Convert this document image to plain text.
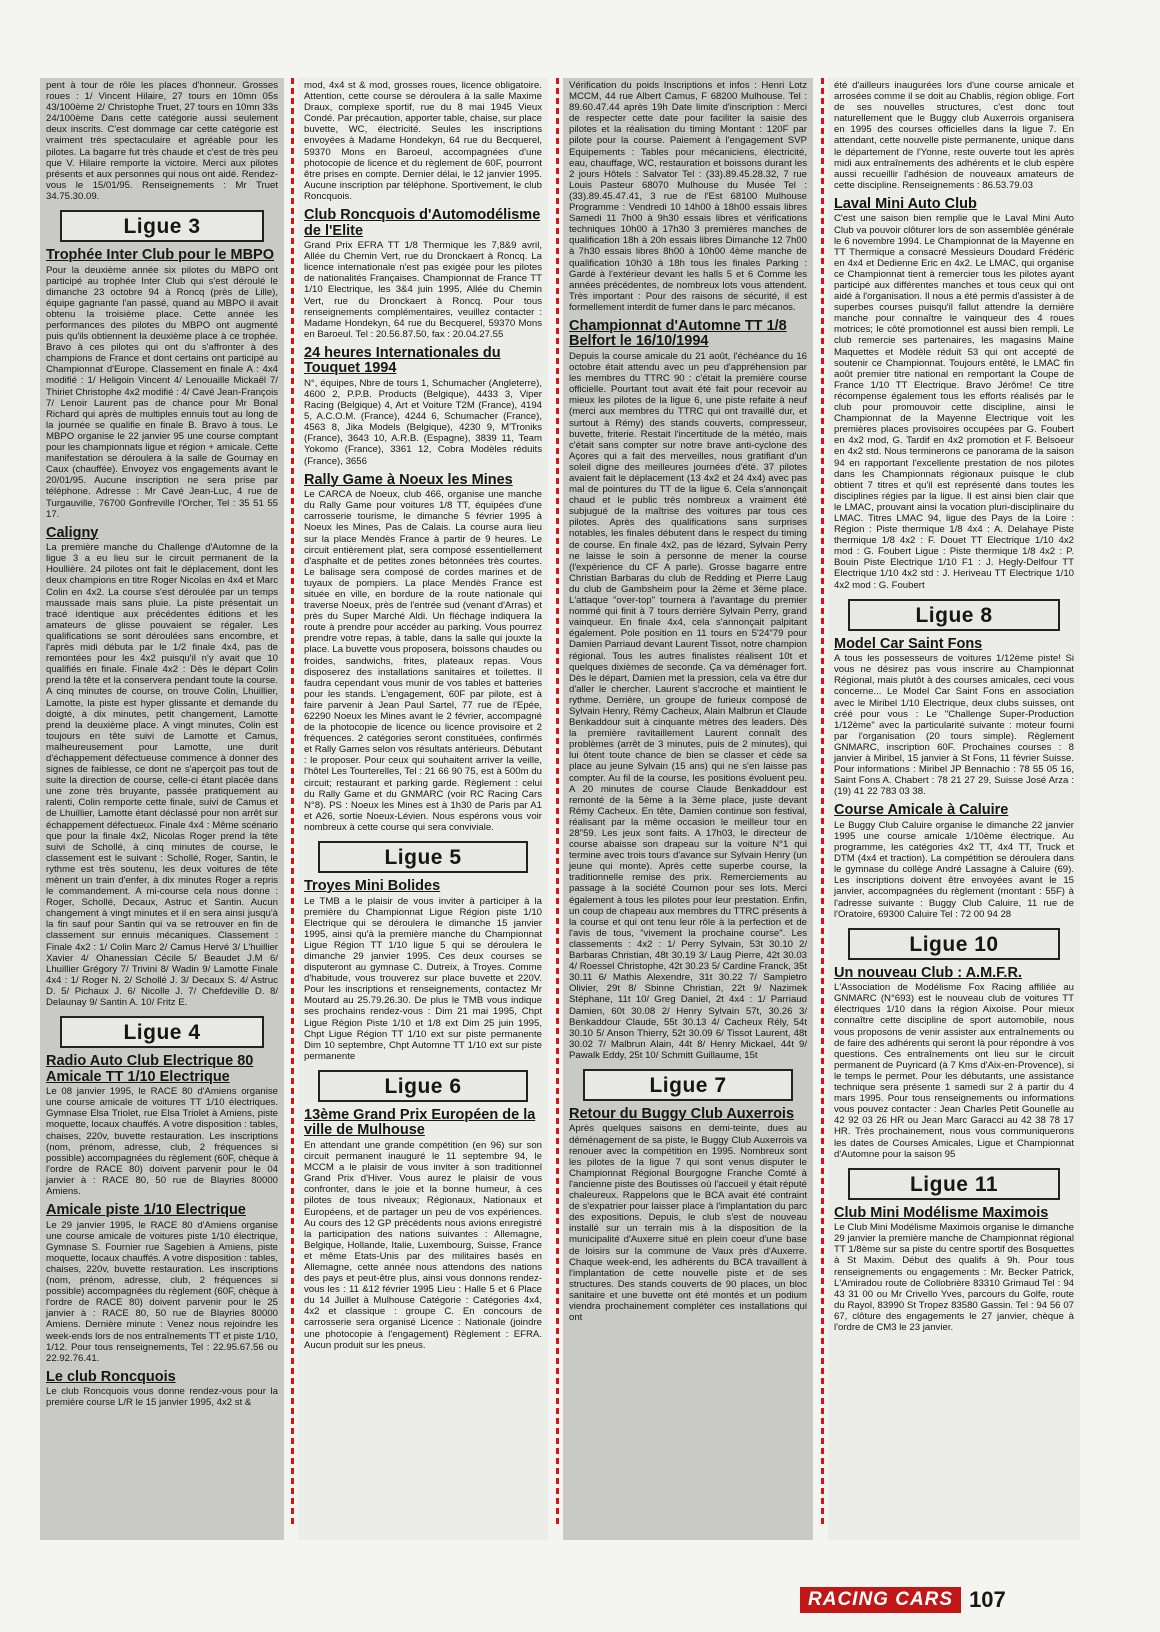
pent à tour de rôle les places d'honneur. Grosses roues : 1/ Vincent Hilaire, 27 tours en 10mn 05s 43/100ème 2/ Christophe Truet, 27 tours en 10mn 33s 24/100ème Dans cette catégorie aussi seulement deux inscrits. C'est dommage car cette catégorie est vraiment très spectaculaire et agréable pour les pilotes. La bagarre fut très chaude et c'est de très peu que V. Hilaire remporte la victoire. Merci aux pilotes présents et aux personnes qui nous ont aidé. Rendez-vous le 15/01/95. Renseignements : Mr Truet 34.75.30.09.

Ligue 3
Trophée Inter Club pour le MBPO

Pour la deuxième année six pilotes du MBPO ont participé au trophée Inter Club qui s'est déroulé le dimanche 23 octobre 94 à Roncq (près de Lille), équipe gagnante l'an passé, quand au MBPO il avait obtenu la troisième place. Cette année les performances des pilotes du MBPO ont augmenté puis qu'ils obtiennent la deuxième place à ce trophée. Bravo à ces pilotes qui ont du s'affronter à des champions de France et dont certains ont participé au Championnat d'Europe. Classement en finale A : 4x4 modifié : 1/ Heligoin Vincent 4/ Lenouaille Mickaël 7/ Thiriet Christophe 4x2 modifié : 4/ Cavé Jean-François 7/ Lenoir Laurent pas de chance pour Mr Bonal Richard qui après de multiples ennuis tout au long de la journée se qualifie en finale B. Bravo à tous. Le MBPO organise le 22 janvier 95 une course comptant pour les championnats ligue et région + amicale. Cette manifestation se déroulera à la salle de Gournay en Caux (chauffée). Envoyez vos engagements avant le 20/01/95. Aucune inscription ne sera prise par téléphone. Adresse : Mr Cavé Jean-Luc, 4 rue de Turgauville, 76700 Gonfreville l'Orcher, Tel : 35 51 55 17.

Caligny

La première manche du Challenge d'Automne de la ligue 3 a eu lieu sur le circuit permanent de la Houllière. 24 pilotes ont fait le déplacement, dont les deux champions en titre Roger Nicolas en 4x4 et Marc Colin en 4x2. La course s'est déroulée par un temps maussade mais sans pluie. La piste présentait un tracé identique aux précédentes éditions et les amateurs de glisse pouvaient se régaler. Les qualifications se sont déroulées sans encombre, et l'après midi débuta par le 1/2 finale 4x4, pas de remontées pour les 4x2 puisqu'il n'y avait que 10 qualifiés en finale. Finale 4x2 : Dès le départ Colin prend la tête et la conservera pendant toute la course. A cinq minutes de course, on trouve Colin, Lhuillier, Lamotte, la piste est hyper glissante et demande du doigté, à dix minutes, petit changement, Lamotte prend la deuxième place. A vingt minutes, Colin est toujours en tête suivi de Lamotte et Camus, malheureusement pour Lamotte, une durit d'échappement défectueuse commence à donner des signes de faiblesse, ce dont ne s'aperçoit pas tout de suite la direction de course, celle-ci étant placée dans une zone très bruyante, passée pratiquement au ralenti, Colin remporte cette finale, suivi de Camus et de Lhuillier, Lamotte étant déclassé pour non arrêt sur échappement défectueux. Finale 4x4 : Même scénario que pour la finale 4x2, Nicolas Roger prend la tête suivi de Schollé, à cinq minutes de course, le classement est le suivant : Schollé, Roger, Santin, le rythme est très soutenu, les deux voitures de tête mènent un train d'enfer, à dix minutes Roger a repris le commandement. A mi-course cela nous donne : Roger, Schollé, Decaux, Astruc et Santin. Aucun changement à vingt minutes et il en sera ainsi jusqu'à la fin sauf pour Santin qui va se retrouver en fin de classement sur ennuis mécaniques. Classement : Finale 4x2 : 1/ Colin Marc 2/ Camus Hervé 3/ L'huillier Xavier 4/ Ohanessian Cécile 5/ Beaudet J.M 6/ Lhuillier Grégory 7/ Trivini 8/ Wadin 9/ Lamotte Finale 4x4 : 1/ Roger N. 2/ Schollé J. 3/ Decaux S. 4/ Astruc D. 5/ Pichaux J. 6/ Nicolle J. 7/ Chefdeville D. 8/ Delaunay 9/ Santin A. 10/ Fritz E.

Ligue 4
Radio Auto Club Electrique 80 Amicale TT 1/10 Electrique

Le 08 janvier 1995, le RACE 80 d'Amiens organise une course amicale de voitures TT 1/10 électriques. Gymnase Elsa Triolet, rue Elsa Triolet à Amiens, piste moquette, locaux chauffés. A votre disposition : tables, chaises, 220v, buvette restauration. Les inscriptions (nom, prénom, adresse, club, 2 fréquences si possible) accompagnées du règlement (60F, chèque à l'ordre de RACE 80) doivent parvenir pour le 04 janvier à : RACE 80, 50 rue de Blayries 80000 Amiens.

Amicale piste 1/10 Electrique

Le 29 janvier 1995, le RACE 80 d'Amiens organise une course amicale de voitures piste 1/10 électrique, Gymnase S. Fournier rue Sagebien à Amiens, piste moquette, locaux chauffés. A votre disposition : tables, chaises, 220v, buvette restauration. Les inscriptions (nom, prénom, adresse, club, 2 fréquences si possible) accompagnées du règlement (60F, chèque à l'ordre de RACE 80) doivent parvenir pour le 25 janvier à : RACE 80, 50 rue de Blayries 80000 Amiens. Dernière minute : Venez nous rejoindre les week-ends lors de nos entraînements TT et piste 1/10, 1/12. Pour tous renseignements, Tel : 22.95.67.56 ou 22.92.76.41.

Le club Roncquois

Le club Roncquois vous donne rendez-vous pour la première course L/R le 15 janvier 1995, 4x2 st &

mod, 4x4 st & mod, grosses roues, licence obligatoire. Attention, cette course se déroulera à la salle Maxime Draux, complexe sportif, rue du 8 mai 1945 Vieux Condé. Par précaution, apporter table, chaise, sur place buvette, WC, électricité. Seules les inscriptions envoyées à Madame Hondekyn, 64 rue du Becquerel, 59370 Mons en Baroeul, accompagnées d'une photocopie de licence et du règlement de 60F, pourront être prises en compte. Dernier délai, le 12 janvier 1995. Aucune inscription par téléphone. Sportivement, le club Roncquois.

Club Roncquois d'Automodélisme de l'Elite

Grand Prix EFRA TT 1/8 Thermique les 7,8&9 avril, Allée du Chemin Vert, rue du Dronckaert à Roncq. La licence internationale n'est pas exigée pour les pilotes de nationalités Françaises. Championnat de France TT 1/10 Electrique, les 3&4 juin 1995, Allée du Chemin Vert, rue du Dronckaert à Roncq. Pour tous renseignements complémentaires, veuillez contacter : Madame Hondekyn, 64 rue du Becquerel, 59370 Mons en Baroeul. Tel : 20.56.87.50, fax : 20.04.27.55

24 heures Internationales du Touquet 1994

N°, équipes, Nbre de tours 1, Schumacher (Angleterre), 4600 2, P.P.B. Products (Belgique), 4433 3, Viper Racing (Belgique) 4, Art et Voiture T2M (France), 4194 5, A.C.O.M. (France), 4244 6, Schumacher (France), 4563 8, Jika Models (Belgique), 4230 9, M'Troniks (France), 3643 10, A.R.B. (Espagne), 3839 11, Team Yokomo (France), 3361 12, Cobra Modèles réduits (France), 3656

Rally Game à Noeux les Mines

Le CARCA de Noeux, club 466, organise une manche du Rally Game pour voitures 1/8 TT, équipées d'une carrosserie tourisme, le dimanche 5 février 1995 à Noeux les Mines, Pas de Calais. La course aura lieu sur la place Mendès France à partir de 9 heures. Le circuit entièrement plat, sera composé essentiellement d'asphalte et de petites zones bétonnées très courtes. Le balisage sera composé de cordes marines et de tuyaux de pompiers. La place Mendès France est située en ville, en bordure de la route nationale qui traverse Noeux, près de l'entrée sud (venant d'Arras) et près du Super Marché Aldi. Un fléchage indiquera la route à prendre pour accéder au parking. Vous pourrez prendre votre repas, à table, dans la salle qui jouxte la place. La buvette vous proposera, boissons chaudes ou froides, sandwichs, frites, plateaux repas. Vous disposerez des installations sanitaires et toilettes. Il faudra cependant vous munir de vos tables et batteries pour les stands. L'engagement, 60F par pilote, est à faire parvenir à Jean Paul Sartel, 77 rue de l'Epée, 62290 Noeux les Mines avant le 2 février, accompagné de la photocopie de licence ou licence provisoire et 2 fréquences. 2 catégories seront constituées, confirmés et Rally Games selon vos résultats antérieurs. Débutant : le proposer. Pour ceux qui souhaitent arriver la veille, l'hôtel Les Tourterelles, Tel : 21 66 90 75, est à 500m du circuit; restaurant et parking garde. Règlement : celui du Rally Game et du GNMARC (voir RC Racing Cars N°8). PS : Noeux les Mines est à 1h30 de Paris par A1 et A26, sortie Noeux-Lévien. Nous espérons vous voir nombreux à cette course qui sera conviviale.

Ligue 5
Troyes Mini Bolides

Le TMB a le plaisir de vous inviter à participer à la première du Championnat Ligue Région piste 1/10 Electrique qui se déroulera le dimanche 15 janvier 1995, ainsi qu'à la première manche du Championnat Ligue Région TT 1/10 ligue 5 qui se déroulera le dimanche 29 janvier 1995. Ces deux courses se disputeront au gymnase C. Dutreix, à Troyes. Comme d'habitude, vous trouverez sur place buvette et 220V. Pour les inscriptions et renseignements, contactez Mr Moutard au 25.79.26.30. De plus le TMB vous indique ses prochains rendez-vous : Dim 21 mai 1995, Chpt Ligue Région Piste 1/10 et 1/8 ext Dim 25 juin 1995, Chpt Ligue Région TT 1/10 ext sur piste permanente Dim 10 septembre, Chpt Automne TT 1/10 ext sur piste permanente

Ligue 6
13ème Grand Prix Européen de la ville de Mulhouse

En attendant une grande compétition (en 96) sur son circuit permanent inauguré le 11 septembre 94, le MCCM a le plaisir de vous inviter à son traditionnel Grand Prix d'Hiver. Vous aurez le plaisir de vous confronter, dans le joie et la bonne humeur, à ces pilotes de tous niveaux; Régionaux, Nationaux et Européens, et de partager un peu de vos expériences. Au cours des 12 GP précédents nous avions enregistré la participation des nations suivantes : Allemagne, Belgique, Hollande, Italie, Luxembourg, Suisse, France et même Etats-Unis par des militaires basés en Allemagne, cette année nous attendons des nations des pays et peut-être plus, ainsi vous donnons rendez-vous les : 11 &12 février 1995 Lieu : Halle 5 et 6 Place du 14 Juillet à Mulhouse Catégorie : Catégories 4x4, 4x2 et classique : groupe C. En concours de carrosserie sera organisé Licence : Nationale (joindre une photocopie à l'engagement) Règlement : EFRA. Aucun produit sur les pneus.

Vérification du poids Inscriptions et infos : Henri Lotz MCCM, 44 rue Albert Camus, F 68200 Mulhouse. Tel : 89.60.47.44 après 19h Date limite d'inscription : Merci de respecter cette date pour faciliter la saisie des pilotes et la réalisation du timing Montant : 120F par pilote pour la course. Paiement à l'engagement SVP Equipements : Tables pour mécaniciens, électricité, eau, chauffage, WC, restauration et boissons durant les 2 jours Hôtels : Salvator Tel : (33).89.45.28.32, 7 rue Louis Pasteur 68070 Mulhouse du Musée Tel : (33).89.45.47.41, 3 rue de l'Est 68100 Mulhouse Programme : Vendredi 10 14h00 à 18h00 essais libres Samedi 11 7h00 à 9h30 essais libres et vérifications techniques 10h00 à 17h30 3 premières manches de qualification 18h à 20h essais libres Dimanche 12 7h00 à 7h30 essais libres 8h00 à 10h00 4ème manche de qualification 10h30 à 18h tous les finales Parking : Gardé à l'extérieur devant les halls 5 et 6 Comme les années précédentes, de nombreux lots vous attendent. Très important : Pour des raisons de sécurité, il est formellement interdit de fumer dans le parc mécanos.

Championnat d'Automne TT 1/8 Belfort le 16/10/1994

Depuis la course amicale du 21 août, l'échéance du 16 octobre était attendu avec un peu d'appréhension par les membres du TTRC 90 : c'était la première course officielle. Pourtant tout avait été fait pour recevoir au mieux les pilotes de la ligue 6, une piste refaite à neuf (merci aux membres du TTRC qui ont travaillé dur, et surtout à Rémy) des stands couverts, compresseur, buvette, friterie. Restait l'incertitude de la météo, mais c'était sans compter sur notre brave anti-cyclone des Açores qui a fait des merveilles, nous gratifiant d'un soleil digne des meilleures journées d'été. 37 pilotes avaient fait le déplacement (13 4x2 et 24 4x4) avec pas mal de pointures du TT de la ligue 6. Cela s'annonçait chaud et le public très nombreux a vraiment été subjugué de la maîtrise des voitures par tous ces pilotes. Après des qualifications sans surprises notables, les finales débutent dans le respect du timing de course. En finale 4x2, pas de lézard, Sylvain Perry ne laisse le soin à personne de mener la course (l'expérience du CF A parle). Grosse bagarre entre Christian Barbaras du club de Redding et Pierre Laug du club de Gambsheim pour la 2ème et 3ème place. L'attaque "over-top" tournera à l'avantage du premier nommé qui finit à 7 tours derrière Sylvain Perry, grand vainqueur. En finale 4x4, cela s'annonçait palpitant également. Pole position en 11 tours en 5'24"79 pour Damien Parriaud devant Laurent Tissot, notre champion régional. Tous les autres finalistes réalisent 10t et quelques dixièmes de seconde. Ça va déménager fort. Dès le départ, Damien met la pression, cela va être dur d'aller le chercher. Laurent s'accroche et maintient le rythme. Derrière, un groupe de furieux composé de Sylvain Henry, Rémy Cacheux, Alain Malbrun et Claude Benkaddour suit à cinquante mètres des leaders. Dès la première ravitaillement Laurent connaît des problèmes (arrêt de 3 minutes, puis de 2 minutes), qui lui ôtent toute chance de bien se classer et cède sa place au jeune Sylvain (15 ans) qui ne s'en laisse pas compter. Au fil de la course, les positions évoluent peu. A 20 minutes de course Claude Benkaddour est remonté de la 5ème à la 3ème place, juste devant Rémy Cacheux. En tête, Damien continue son festival, réalisant par la même occasion le meilleur tour en 28"59. Les jeux sont faits. A 17h03, le directeur de course abaisse son drapeau sur la voiture N°1 qui termine avec trois tours d'avance sur Sylvain Henry (un jeune qui monte). Après cette superbe course, la traditionnelle remise des prix. Remerciements au passage à la société Cournon pour ses lots. Merci également à tous les pilotes pour leur prestation. Enfin, un coup de chapeau aux membres du TTRC présents à la course et qui ont tenu leur rôle à la perfection et de l'avis de tous, "vivement la prochaine course". Les classements : 4x2 : 1/ Perry Sylvain, 53t 30.10 2/ Barbaras Christian, 48t 30.19 3/ Laug Pierre, 42t 30.03 4/ Roessel Christophe, 42t 30.23 5/ Cardine Franck, 35t 30.11 6/ Mathis Alexendre, 31t 30.22 7/ Sampietro Olivier, 29t 8/ Sbinne Christian, 22t 9/ Nazimek Stéphane, 11t 10/ Greg Daniel, 2t 4x4 : 1/ Parriaud Damien, 60t 30.08 2/ Henry Sylvain 57t, 30.26 3/ Benkaddour Claude, 55t 30.13 4/ Cacheux Rély, 54t 30.10 5/ Anson Thierry, 52t 30.09 6/ Tissot Laurent, 48t 30.02 7/ Malbrun Alain, 44t 8/ Henry Mickael, 44t 9/ Pawalk Eddy, 25t 10/ Schmitt Guillaume, 15t

Ligue 7
Retour du Buggy Club Auxerrois

Après quelques saisons en demi-teinte, dues au déménagement de sa piste, le Buggy Club Auxerrois va renouer avec la compétition en 1995. Nombreux sont les pilotes de la ligue 7 qui sont venus disputer le Championnat Régional Bourgogne Franche Comté à l'ancienne piste des Boutisses où l'accueil y était réputé chaleureux. Rappelons que le BCA avait été contraint de s'expatrier pour laisser place à l'implantation du parc des expositions. Depuis, le club s'est de nouveau installé sur un terrain mis à la disposition de la municipalité d'Auxerre situé en plein coeur d'une base de loisirs sur la commune de Vaux près d'Auxerre. Chaque week-end, les adhérents du BCA travaillent à l'implantation de cette nouvelle piste et de ses structures. Des stands couverts de 90 places, un bloc sanitaire et une buvette ont été montés et un podium viendra prochainement compléter ces installations qui ont

été d'ailleurs inaugurées lors d'une course amicale et arrosées comme il se doit au Chablis, région oblige. Fort de ses nouvelles structures, c'est donc tout naturellement que le Buggy club Auxerrois organisera en 1995 des courses officielles dans la ligue 7. En attendant, cette nouvelle piste permanente, unique dans le département de l'Yonne, reste ouverte tout les après midi aux entraînements des adhérents et le club espère aussi recueillir l'adhésion de nouveaux amateurs de cette discipline. Renseignements : 86.53.79.03

Laval Mini Auto Club

C'est une saison bien remplie que le Laval Mini Auto Club va pouvoir clôturer lors de son assemblée générale le 6 novembre 1994. Le Championnat de la Mayenne en TT Thermique a consacré Messieurs Doudard Frédéric en 4x4 et Dedienne Eric en 4x2. Le LMAC, qui organise ce Championnat tient à remercier tous les pilotes ayant participé aux différentes manches et tous ceux qui ont aidé à l'organisation. Il nous a été permis d'assister à de superbes courses puisqu'il fallut attendre la dernière manche pour connaître le vainqueur des 4 roues motrices; le côté promotionnel est aussi bien rempli. Le club remercie ses partenaires, les magasins Maine Maquettes et Modèle réduit 53 qui ont accepté de soutenir ce Championnat. Toujours entêté, le LMAC fin août premier titre national en remportant la Coupe de France 1/10 TT Electrique. Bravo Jérôme! Ce titre récompense également tous les efforts réalisés par le club pour promouvoir cette discipline, ainsi le Championnat de la Mayenne Electrique voit les premières places provisoires occupées par G. Foubert en 4x2 mod, G. Tardif en 4x2 promotion et F. Belsoeur en 4x2 std. Nous terminerons ce panorama de la saison 94 en rapportant l'excellente prestation de nos pilotes dans les Championnats régionaux puisque le club obtient 7 titres et qu'il est représenté dans toutes les disciplines régies par la ligue. Il est ainsi bien clair que le LMAC, prouvant ainsi la vocation pluri-disciplinaire du LMAC. Titres LMAC 94, ligue des Pays de la Loire : Région : Piste thermique 1/8 4x4 : A. Delahaye Piste thermique 1/8 4x2 : F. Douet TT Electrique 1/10 4x2 mod : G. Foubert Ligue : Piste thermique 1/8 4x2 : P. Bouin Piste Electrique 1/10 F1 : J. Hegly-Delfour TT Electrique 1/10 4x2 std : J. Heriveau TT Electrique 1/10 4x2 mod : G. Foubert

Ligue 8
Model Car Saint Fons

A tous les possesseurs de voitures 1/12ème piste! Si vous ne désirez pas vous inscrire au Championnat Régional, mais plutôt à des courses amicales, ceci vous concerne... Le Model Car Saint Fons en association avec le Miribel 1/10 Electrique, deux clubs suisses, ont créé pour vous : Le "Challenge Super-Production 1/12ème" avec la particularité suivante : moteur fourni par l'organisation (20 tours simple). Règlement GNMARC, inscription 60F. Prochaines courses : 8 janvier à Miribel, 15 janvier à St Fons, 11 février Suisse. Pour informations : Miribel JP Bennachio : 78 55 05 16, Saint Fons A. Chabert : 78 21 27 29, Suisse José Arza : (19) 41 22 783 03 38.

Course Amicale à Caluire

Le Buggy Club Caluire organise le dimanche 22 janvier 1995 une course amicale 1/10ème électrique. Au programme, les catégories 4x2 TT, 4x4 TT, Truck et DTM (4x4 et traction). La compétition se déroulera dans le gymnase du collège André Lassagne à Caluire (69). Les inscriptions doivent être envoyées avant le 15 janvier, accompagnées du règlement (montant : 55F) à l'adresse suivante : Buggy Club Caluire, 11 rue de l'Oratoire, 69300 Caluire Tel : 72 00 94 28

Ligue 10
Un nouveau Club : A.M.F.R.

L'Association de Modélisme Fox Racing affiliée au GNMARC (N°693) est le nouveau club de voitures TT électriques 1/10 dans la région Aixoise. Pour mieux connaître cette discipline de sport automobile, nous vous proposons de venir assister aux entraînements ou de faire des adhérents qui seront là pour répondre à vos questions. Ces entraînements ont lieu sur le circuit permanent de Puyricard (à 7 Kms d'Aix-en-Provence), si le temps le permet. Pour les débutants, une assistance technique sera présente 1 samedi sur 2 à partir du 4 mars 1995. Pour tous renseignements ou informations vous pouvez contacter : Jean Charles Petit Gounelle au 42 92 03 26 HR ou Jean Marc Garacci au 42 38 78 17 HR. Très prochainement, nous vous communiquerons les dates de Courses Amicales, Ligue et Championnat d'Automne pour la saison 95

Ligue 11
Club Mini Modélisme Maximois

Le Club Mini Modélisme Maximois organise le dimanche 29 janvier la première manche de Championnat régional TT 1/8ème sur sa piste du centre sportif des Bosquettes à St Maxim. Début des qualifs à 9h. Pour tous renseignements ou engagements : Mr. Becker Patrick, L'Amiradou route de Collobrière 83310 Grimaud Tel : 94 43 31 00 ou Mr Crivello Yves, parcours du Golfe, route du Rayol, 83990 St Tropez 83580 Gassin. Tel : 94 56 07 67, clôture des engagements le 27 janvier, chèque à l'ordre de CM3 le 23 janvier.

RACING CARS 107
